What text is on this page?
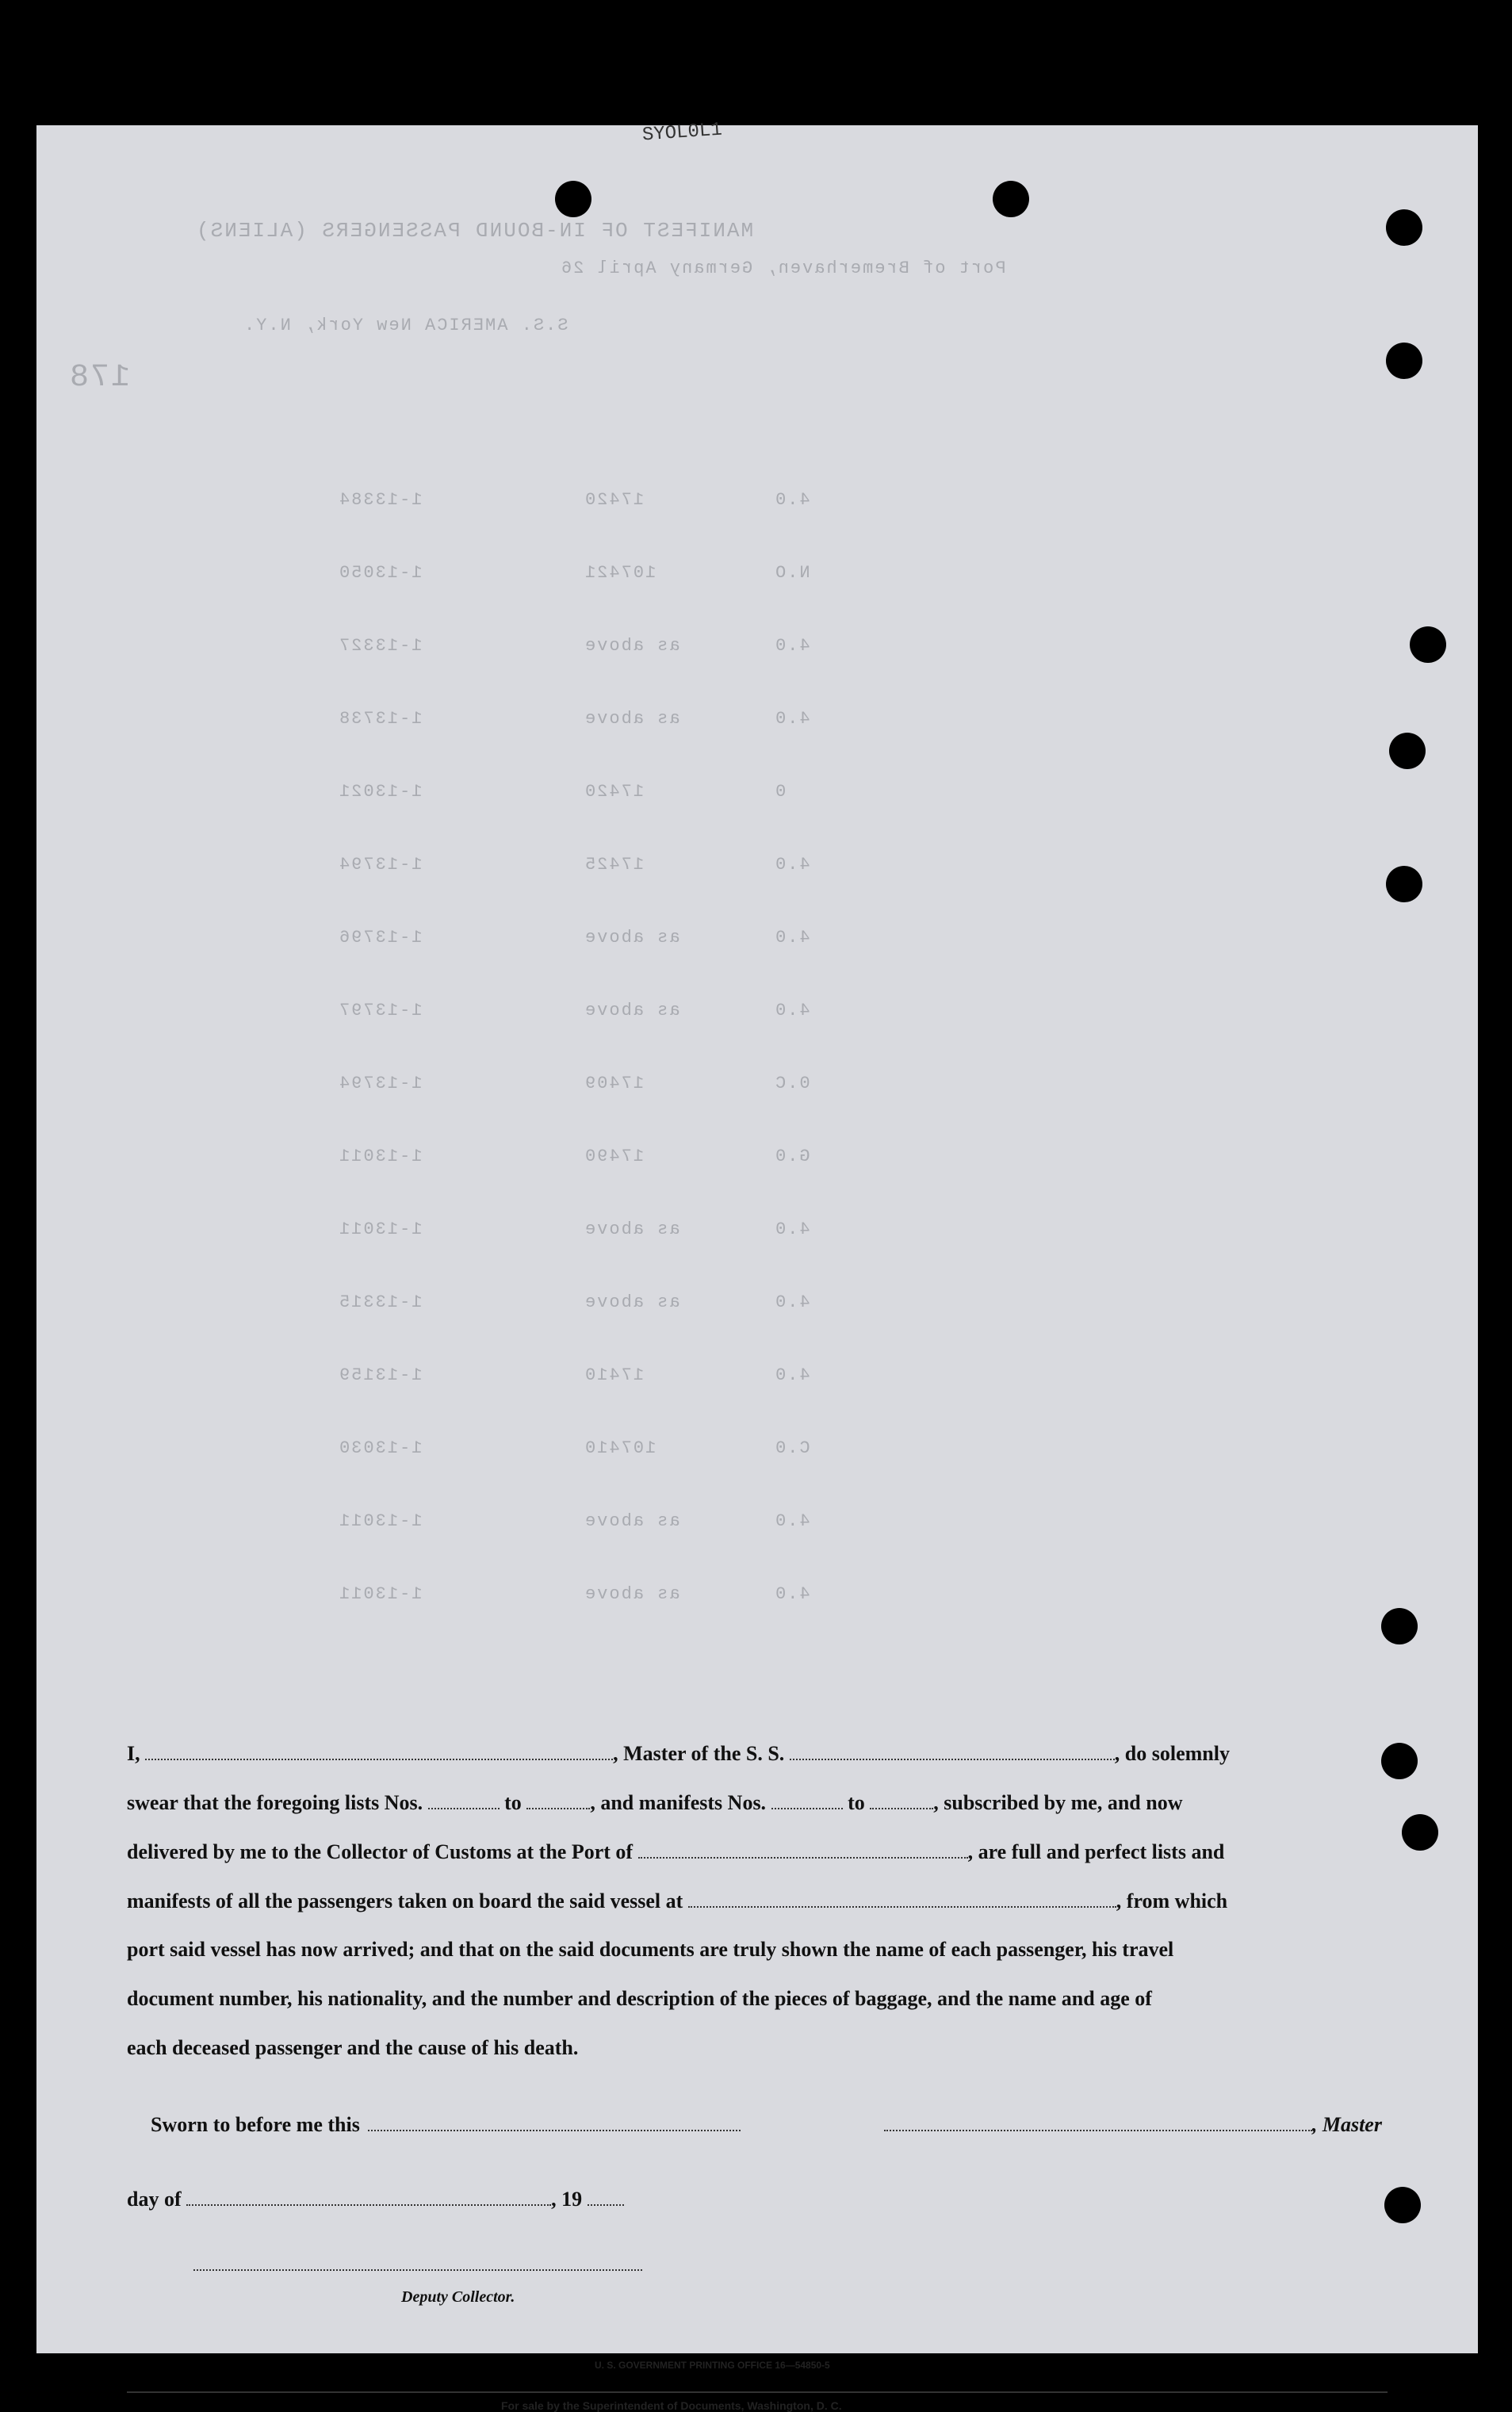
SYOL0L1
MANIFEST OF IN-BOUND PASSENGERS (ALIENS)
Port of Bremerhaven, Germany April 26
S.S. AMERICA New York, N.Y.
178
1-13384	17420	4.0
1-13050	107421	N.O
1-13327	as above	4.0
1-13738	as above	4.0
1-13021	17420	0
1-13794	17425	4.0
1-13796	as above	4.0
1-13797	as above	4.0
1-13794	17409	0.C
1-13011	17490	G.0
1-13011	as above	4.0
1-13315	as above	4.0
1-13159	17410	4.0
1-13030	107410	C.0
1-13011	as above	4.0
1-13011	as above	4.0
I,	, Master of the S. S.	, do solemnly
swear that the foregoing lists Nos.	to	, and manifests Nos.	to	, subscribed by me, and now
delivered by me to the Collector of Customs at the Port of	, are full and perfect lists and
manifests of all the passengers taken on board the said vessel at	, from which
port said vessel has now arrived; and that on the said documents are truly shown the name of each passenger, his travel
document number, his nationality, and the number and description of the pieces of baggage, and the name and age of
each deceased passenger and the cause of his death.
Sworn to before me this	, Master
day of	, 19
Deputy Collector.
U. S. GOVERNMENT PRINTING OFFICE 16—54850-5
For sale by the Superintendent of Documents, Washington, D. C.
